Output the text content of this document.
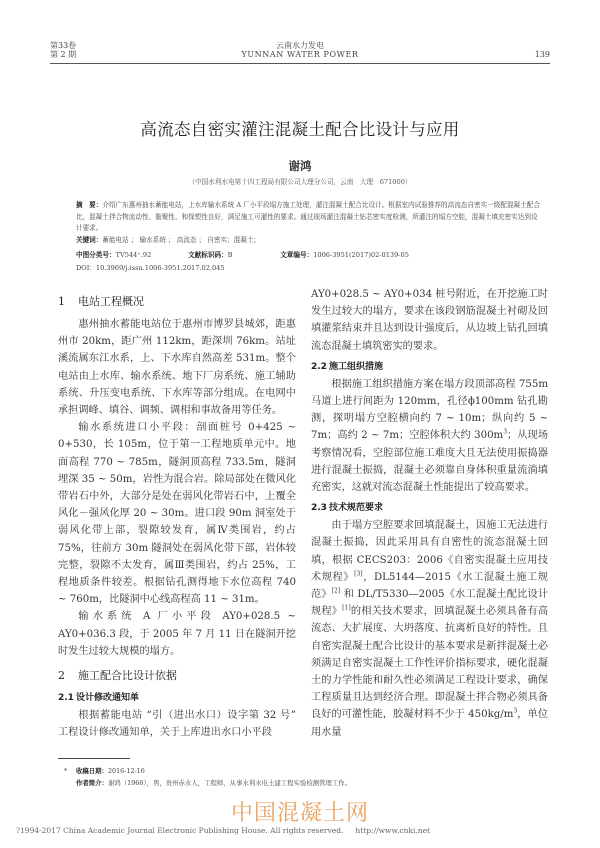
第33卷
第 2 期
云南水力发电
YUNNAN WATER POWER	139
高流态自密实灌注混凝土配合比设计与应用
谢鸿
（中国水利水电第十四工程局有限公司大理分公司，云南　大理　671000）
摘　要：介绍广东惠州抽水蓄能电站，上水库输水系统 A 厂小平段塌方施工处理，灌注混凝土配合比设计。根据室内试验推荐的高流态自密实一级配混凝土配合比，混凝土拌合物流动性、黏聚性、和保塑性良好，满足施工可灌性的要求。通过现场灌注混凝土钻芯密实度检测，所灌注的塌方空腔，混凝土填充密实达到设计要求。
关键词：蓄能电站 ； 输水系统 ； 高流态 ； 自密实；混凝土；
中图分类号：TV544⁺.92	文献标识码：B	文章编号：1006-3951(2017)02-0139-05
DOI：10.3969/j.issn.1006-3951.2017.02.045
1 电站工程概况

惠州抽水蓄能电站位于惠州市博罗县城郊，距惠州市 20km，距广州 112km，距深圳 76km。站址溪流属东江水系，上、下水库自然高差 531m。整个电站由上水库、输水系统、地下厂房系统、施工辅助系统、升压变电系统、下水库等部分组成。在电网中承担调峰、填谷、调频、调相和事故备用等任务。

输水系统进口小平段：剖面桩号 0+425 ~ 0+530，长 105m，位于第一工程地质单元中。地面高程 770 ~ 785m，隧洞顶高程 733.5m，隧洞埋深 35 ~ 50m，岩性为混合岩。除局部处在微风化带岩石中外，大部分是处在弱风化带岩石中，上覆全风化－强风化厚 20 ~ 30m。进口段 90m 洞室处于弱风化带上部，裂隙较发育，属Ⅳ类围岩，约占 75%，往前方 30m 隧洞处在弱风化带下部，岩体较完整，裂隙不太发育，属Ⅲ类围岩，约占 25%，工程地质条件较差。根据钻孔测得地下水位高程 740 ~ 760m，比隧洞中心线高程高 11 ~ 31m。

输水系统 A 厂小平段 AY0+028.5 ~ AY0+036.3 段，于 2005 年 7 月 11 日在隧洞开挖时发生过较大规模的塌方。

2 施工配合比设计依据
2.1 设计修改通知单

根据蓄能电站 “引（进出水口）设字第 32 号” 工程设计修改通知单，关于上库进出水口小平段

AY0+028.5 ~ AY0+034 桩号附近，在开挖施工时发生过较大的塌方，要求在该段钢筋混凝土衬砌及回填灌浆结束并且达到设计强度后，从边坡上钻孔回填流态混凝土填筑密实的要求。

2.2 施工组织措施

根据施工组织措施方案在塌方段顶部高程 755m 马道上进行间距为 120mm，孔径ϕ100mm 钻孔勘测，探明塌方空腔横向约 7 ~ 10m；纵向约 5 ~ 7m；高约 2 ~ 7m；空腔体积大约 $300m^3$；从现场考察情况看，空腔部位施工难度大且无法使用振捣器进行混凝土振捣，混凝土必须靠自身体积重量流淌填充密实，这就对流态混凝土性能提出了较高要求。

2.3 技术规范要求

由于塌方空腔要求回填混凝土，因施工无法进行混凝土振捣，因此采用具有自密性的流态混凝土回填，根据 CECS203：2006《自密实混凝土应用技术规程》[3]，DL5144—2015《水工混凝土施工规范》[2] 和 DL/T5330—2005《水工混凝土配比设计规程》[1]的相关技术要求，回填混凝土必须具备有高流态、大扩展度、大坍落度、抗离析良好的特性。且自密实混凝土配合比设计的基本要求是新拌混凝土必须满足自密实混凝土工作性评价指标要求，硬化混凝土的力学性能和耐久性必须满足工程设计要求，确保工程质量且达到经济合理。即混凝土拌合物必须具备良好的可灌性能，胶凝材料不少于 $450kg/m^3$，单位用水量

* 收稿日期：2016-12-16
作者简介：谢鸿（1966），男，贵州赤水人，工程师，从事水利水电土建工程实验检测管理工作。
中国混凝土网
?1994-2017 China Academic Journal Electronic Publishing House. All rights reserved. http://www.cnki.net
